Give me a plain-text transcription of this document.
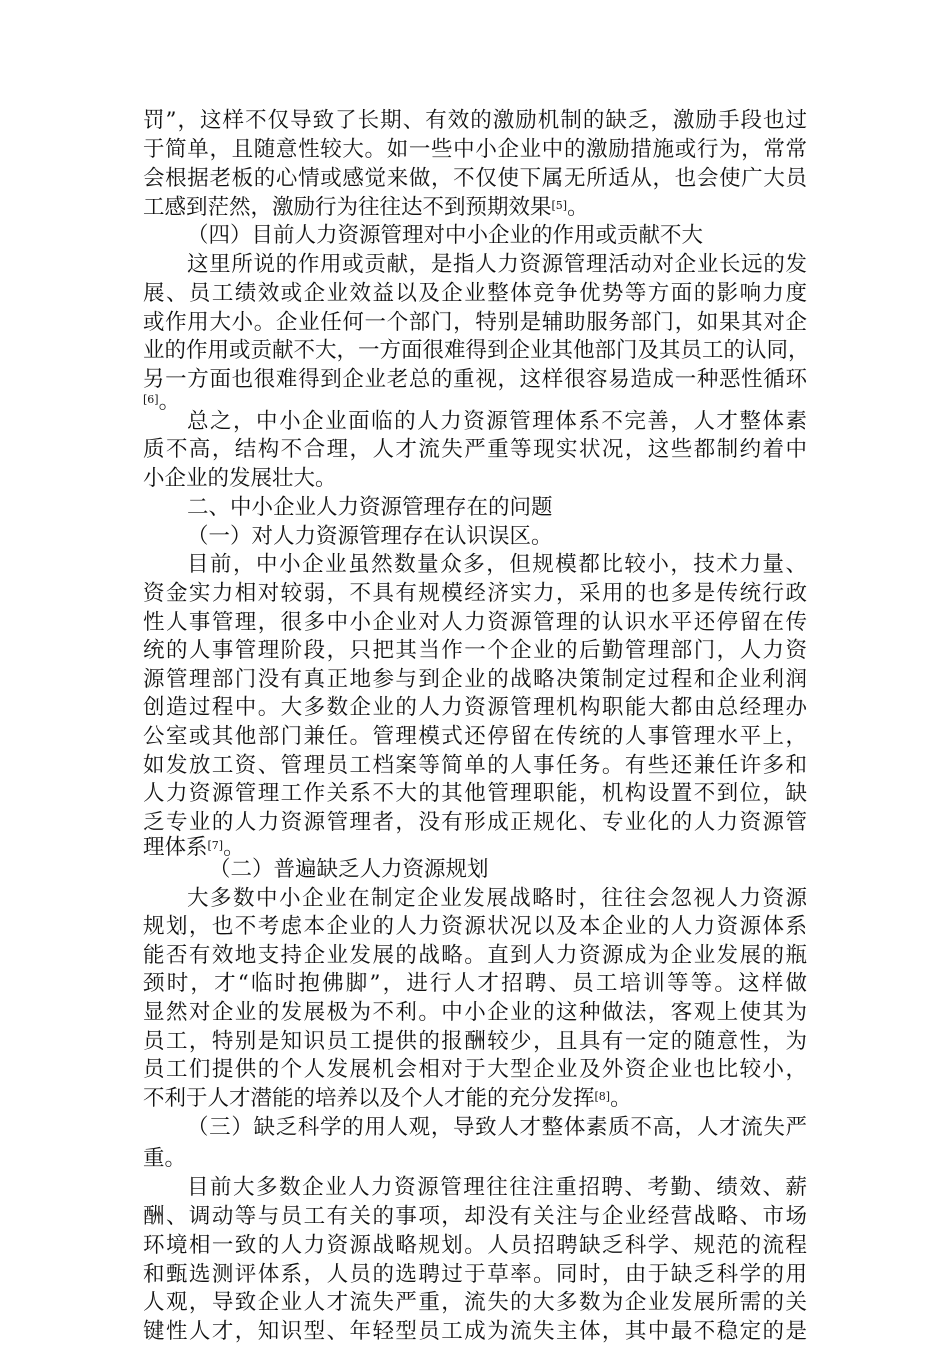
罚”，这样不仅导致了长期、有效的激励机制的缺乏，激励手段也过
于简单，且随意性较大。如一些中小企业中的激励措施或行为，常常
会根据老板的心情或感觉来做，不仅使下属无所适从，也会使广大员
工感到茫然，激励行为往往达不到预期效果[5]。
（四）目前人力资源管理对中小企业的作用或贡献不大
这里所说的作用或贡献，是指人力资源管理活动对企业长远的发
展、员工绩效或企业效益以及企业整体竞争优势等方面的影响力度
或作用大小。企业任何一个部门，特别是辅助服务部门，如果其对企
业的作用或贡献不大，一方面很难得到企业其他部门及其员工的认同，
另一方面也很难得到企业老总的重视，这样很容易造成一种恶性循环
[6]。
总之，中小企业面临的人力资源管理体系不完善，人才整体素
质不高，结构不合理，人才流失严重等现实状况，这些都制约着中
小企业的发展壮大。
二、中小企业人力资源管理存在的问题
（一）对人力资源管理存在认识误区。
目前，中小企业虽然数量众多，但规模都比较小，技术力量、
资金实力相对较弱，不具有规模经济实力，采用的也多是传统行政
性人事管理，很多中小企业对人力资源管理的认识水平还停留在传
统的人事管理阶段，只把其当作一个企业的后勤管理部门，人力资
源管理部门没有真正地参与到企业的战略决策制定过程和企业利润
创造过程中。大多数企业的人力资源管理机构职能大都由总经理办
公室或其他部门兼任。管理模式还停留在传统的人事管理水平上，
如发放工资、管理员工档案等简单的人事任务。有些还兼任许多和
人力资源管理工作关系不大的其他管理职能，机构设置不到位，缺
乏专业的人力资源管理者，没有形成正规化、专业化的人力资源管
理体系[7]。
（二）普遍缺乏人力资源规划
大多数中小企业在制定企业发展战略时，往往会忽视人力资源
规划，也不考虑本企业的人力资源状况以及本企业的人力资源体系
能否有效地支持企业发展的战略。直到人力资源成为企业发展的瓶
颈时，才“临时抱佛脚”，进行人才招聘、员工培训等等。这样做
显然对企业的发展极为不利。中小企业的这种做法，客观上使其为
员工，特别是知识员工提供的报酬较少，且具有一定的随意性，为
员工们提供的个人发展机会相对于大型企业及外资企业也比较小，
不利于人才潜能的培养以及个人才能的充分发挥[8]。
（三）缺乏科学的用人观，导致人才整体素质不高，人才流失严
重。
目前大多数企业人力资源管理往往注重招聘、考勤、绩效、薪
酬、调动等与员工有关的事项，却没有关注与企业经营战略、市场
环境相一致的人力资源战略规划。人员招聘缺乏科学、规范的流程
和甄选测评体系，人员的选聘过于草率。同时，由于缺乏科学的用
人观，导致企业人才流失严重，流失的大多数为企业发展所需的关
键性人才，知识型、年轻型员工成为流失主体，其中最不稳定的是
